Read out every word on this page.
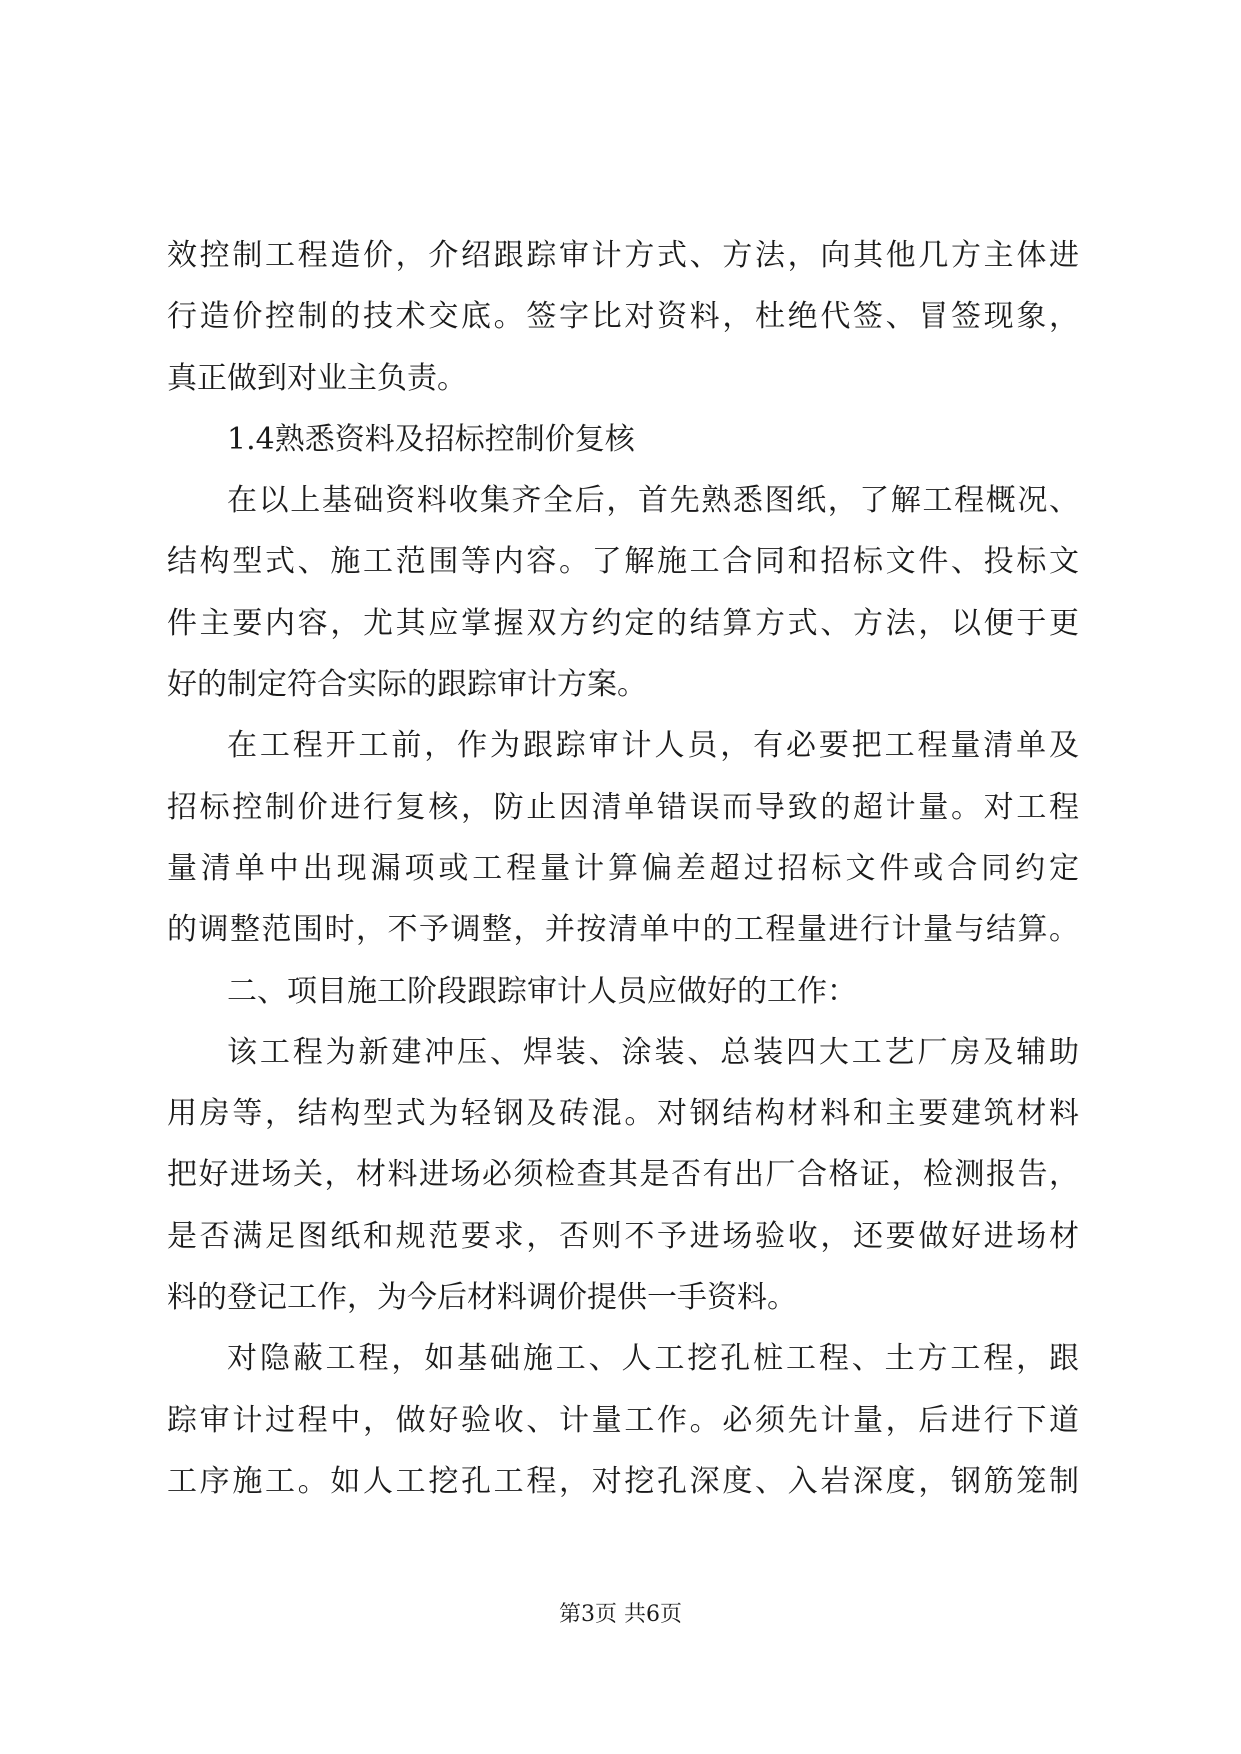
效控制工程造价，介绍跟踪审计方式、方法，向其他几方主体进
行造价控制的技术交底。签字比对资料，杜绝代签、冒签现象，
真正做到对业主负责。
1.4熟悉资料及招标控制价复核
在以上基础资料收集齐全后，首先熟悉图纸，了解工程概况、
结构型式、施工范围等内容。了解施工合同和招标文件、投标文
件主要内容，尤其应掌握双方约定的结算方式、方法，以便于更
好的制定符合实际的跟踪审计方案。
在工程开工前，作为跟踪审计人员，有必要把工程量清单及
招标控制价进行复核，防止因清单错误而导致的超计量。对工程
量清单中出现漏项或工程量计算偏差超过招标文件或合同约定
的调整范围时，不予调整，并按清单中的工程量进行计量与结算。
二、项目施工阶段跟踪审计人员应做好的工作：
该工程为新建冲压、焊装、涂装、总装四大工艺厂房及辅助
用房等，结构型式为轻钢及砖混。对钢结构材料和主要建筑材料
把好进场关，材料进场必须检查其是否有出厂合格证，检测报告，
是否满足图纸和规范要求，否则不予进场验收，还要做好进场材
料的登记工作，为今后材料调价提供一手资料。
对隐蔽工程，如基础施工、人工挖孔桩工程、土方工程，跟
踪审计过程中，做好验收、计量工作。必须先计量，后进行下道
工序施工。如人工挖孔工程，对挖孔深度、入岩深度，钢筋笼制
第3页 共6页
